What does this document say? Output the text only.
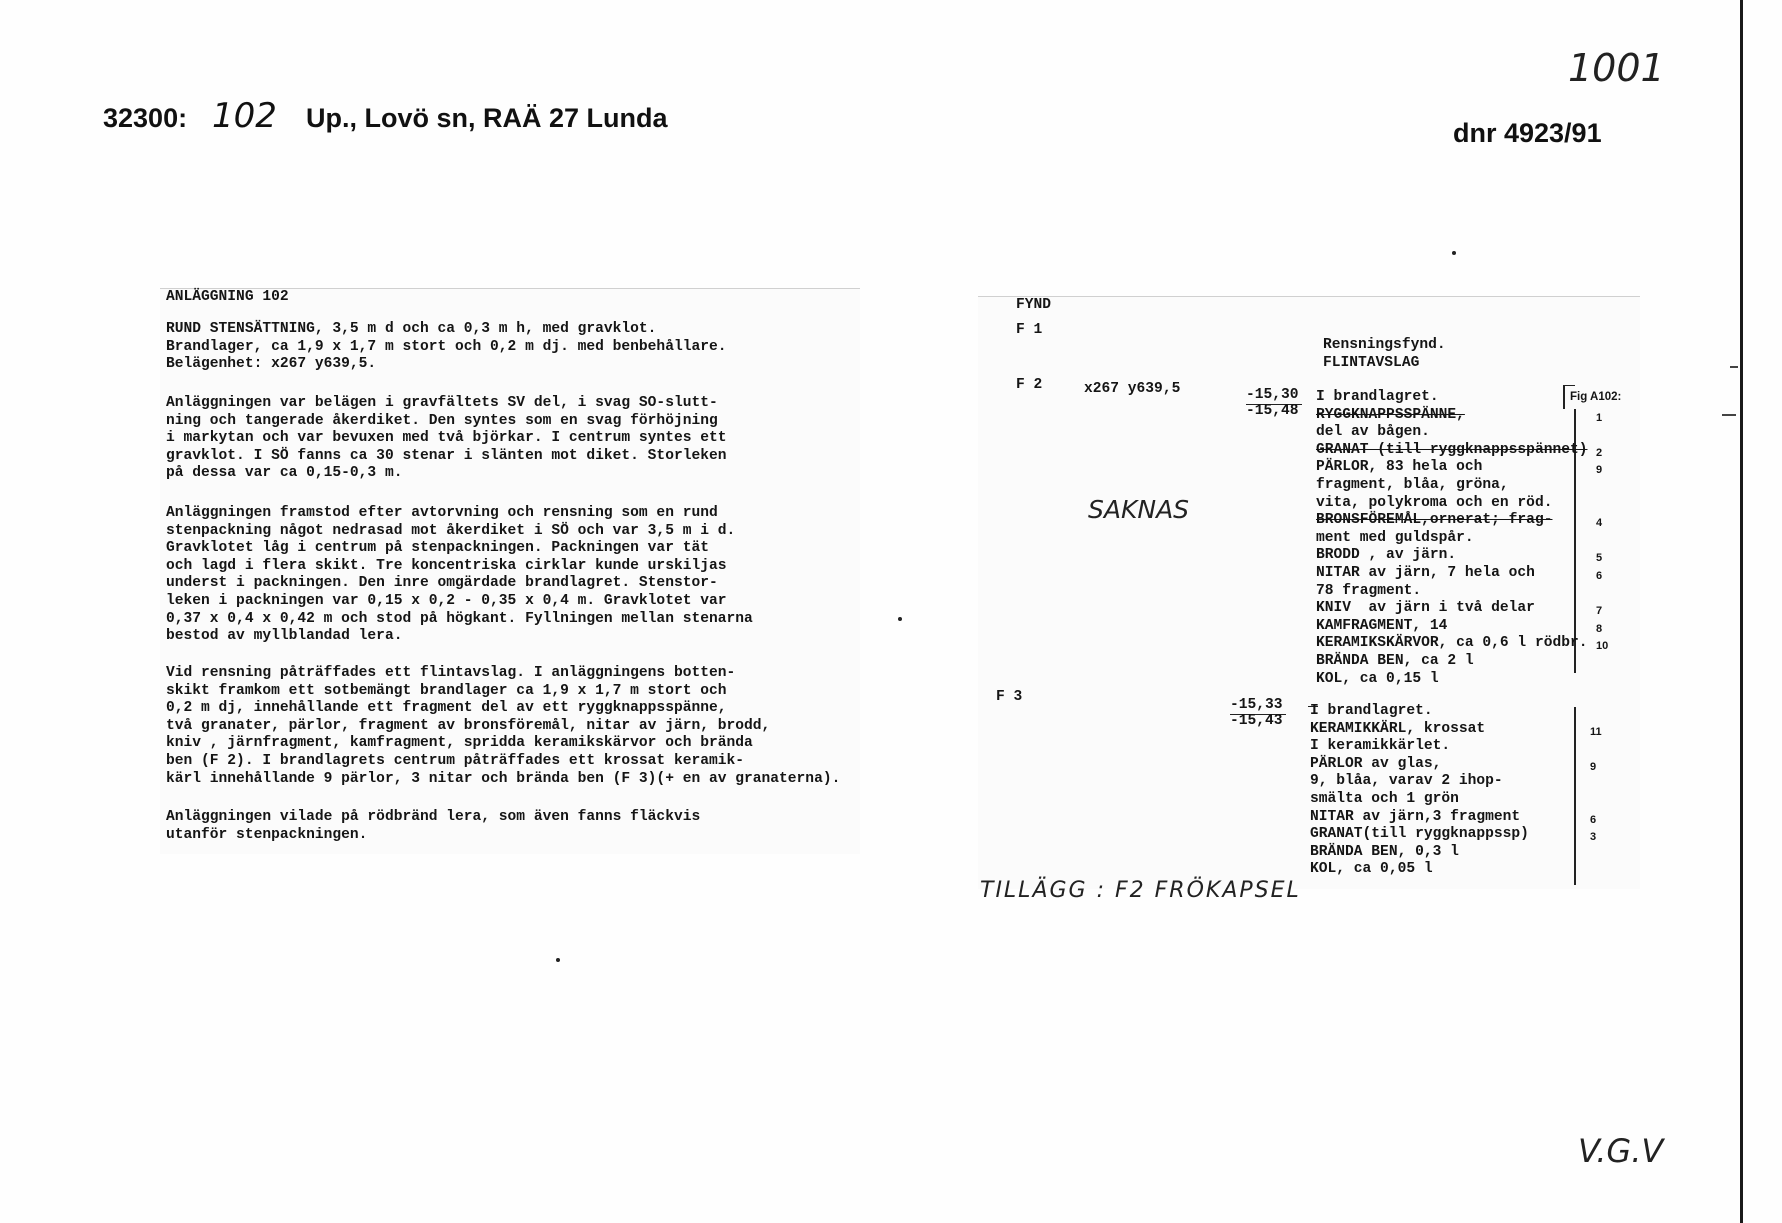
32300: 102 Up., Lovö sn, RAÄ 27 Lunda	dnr 4923/91
1001
ANLÄGGNING 102
RUND STENSÄTTNING, 3,5 m d och ca 0,3 m h, med gravklot.
Brandlager, ca 1,9 x 1,7 m stort och 0,2 m dj. med benbehållare.
Belägenhet: x267 y639,5.
Anläggningen var belägen i gravfältets SV del, i svag SO-slutt-
ning och tangerade åkerdiket. Den syntes som en svag förhöjning
i markytan och var bevuxen med två björkar. I centrum syntes ett
gravklot. I SÖ fanns ca 30 stenar i slänten mot diket. Storleken
på dessa var ca 0,15-0,3 m.
Anläggningen framstod efter avtorvning och rensning som en rund
stenpackning något nedrasad mot åkerdiket i SÖ och var 3,5 m i d.
Gravklotet låg i centrum på stenpackningen. Packningen var tät
och lagd i flera skikt. Tre koncentriska cirklar kunde urskiljas
underst i packningen. Den inre omgärdade brandlagret. Stenstor-
leken i packningen var 0,15 x 0,2 - 0,35 x 0,4 m. Gravklotet var
0,37 x 0,4 x 0,42 m och stod på högkant. Fyllningen mellan stenarna
bestod av myllblandad lera.
Vid rensning påträffades ett flintavslag. I anläggningens botten-
skikt framkom ett sotbemängt brandlager ca 1,9 x 1,7 m stort och
0,2 m dj, innehållande ett fragment del av ett ryggknappsspänne,
två granater, pärlor, fragment av bronsföremål, nitar av järn, brodd,
kniv , järnfragment, kamfragment, spridda keramikskärvor och brända
ben (F 2). I brandlagrets centrum påträffades ett krossat keramik-
kärl innehållande 9 pärlor, 3 nitar och brända ben (F 3)(+ en av granaterna).
Anläggningen vilade på rödbränd lera, som även fanns fläckvis
utanför stenpackningen.
FYND
F 1
Rensningsfynd.
FLINTAVSLAG
F 2	x267 y639,5	-15,30
-15,48
Fig A102:
I brandlagret.
RYGGKNAPPSSPÄNNE,	1
del av bågen.
GRANAT (till ryggknappsspännet) 2
PÄRLOR, 83 hela och	9
fragment, blåa, gröna,
vita, polykroma och en röd.
BRONSFÖREMÅL,ornerat; frag-	4
ment med guldspår.
BRODD , av järn.	5
NITAR av järn, 7 hela och	6
78 fragment.
KNIV  av järn i två delar	7
KAMFRAGMENT, 14	8
KERAMIKSKÄRVOR, ca 0,6 l rödbr. 10
BRÄNDA BEN, ca 2 l
KOL, ca 0,15 l
F 3	-15,33
-15,43
I brandlagret.
KERAMIKKÄRL, krossat	11
I keramikkärlet.
PÄRLOR av glas,	9
9, blåa, varav 2 ihop-
smälta och 1 grön
NITAR av järn,3 fragment	6
GRANAT(till ryggknappssp)	3
BRÄNDA BEN, 0,3 l
KOL, ca 0,05 l
SAKNAS
TILLÄGG : F2 FRÖKAPSEL
V.G.V
